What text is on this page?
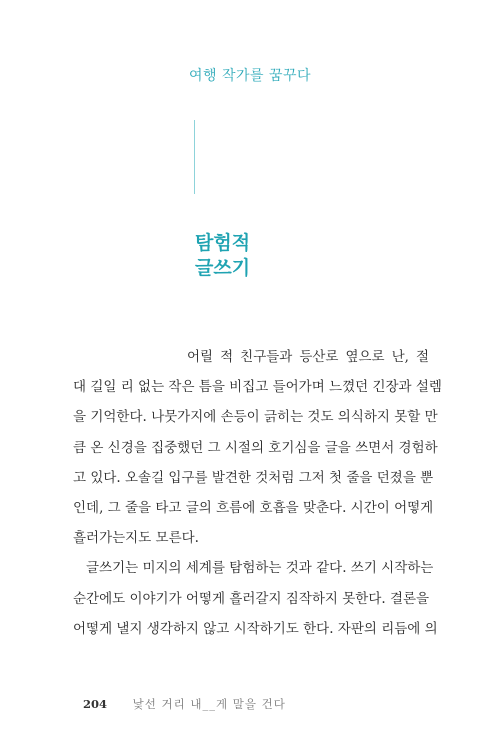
여행 작가를 꿈꾸다
탐험적
글쓰기

어릴 적 친구들과 등산로 옆으로 난, 절
대 길일 리 없는 작은 틈을 비집고 들어가며 느꼈던 긴장과 설렘
을 기억한다. 나뭇가지에 손등이 긁히는 것도 의식하지 못할 만
큼 온 신경을 집중했던 그 시절의 호기심을 글을 쓰면서 경험하
고 있다. 오솔길 입구를 발견한 것처럼 그저 첫 줄을 던졌을 뿐
인데, 그 줄을 타고 글의 흐름에 호흡을 맞춘다. 시간이 어떻게
흘러가는지도 모른다.

글쓰기는 미지의 세계를 탐험하는 것과 같다. 쓰기 시작하는
순간에도 이야기가 어떻게 흘러갈지 짐작하지 못한다. 결론을
어떻게 낼지 생각하지 않고 시작하기도 한다. 자판의 리듬에 의

204 낯선 거리 내__게 말을 건다
